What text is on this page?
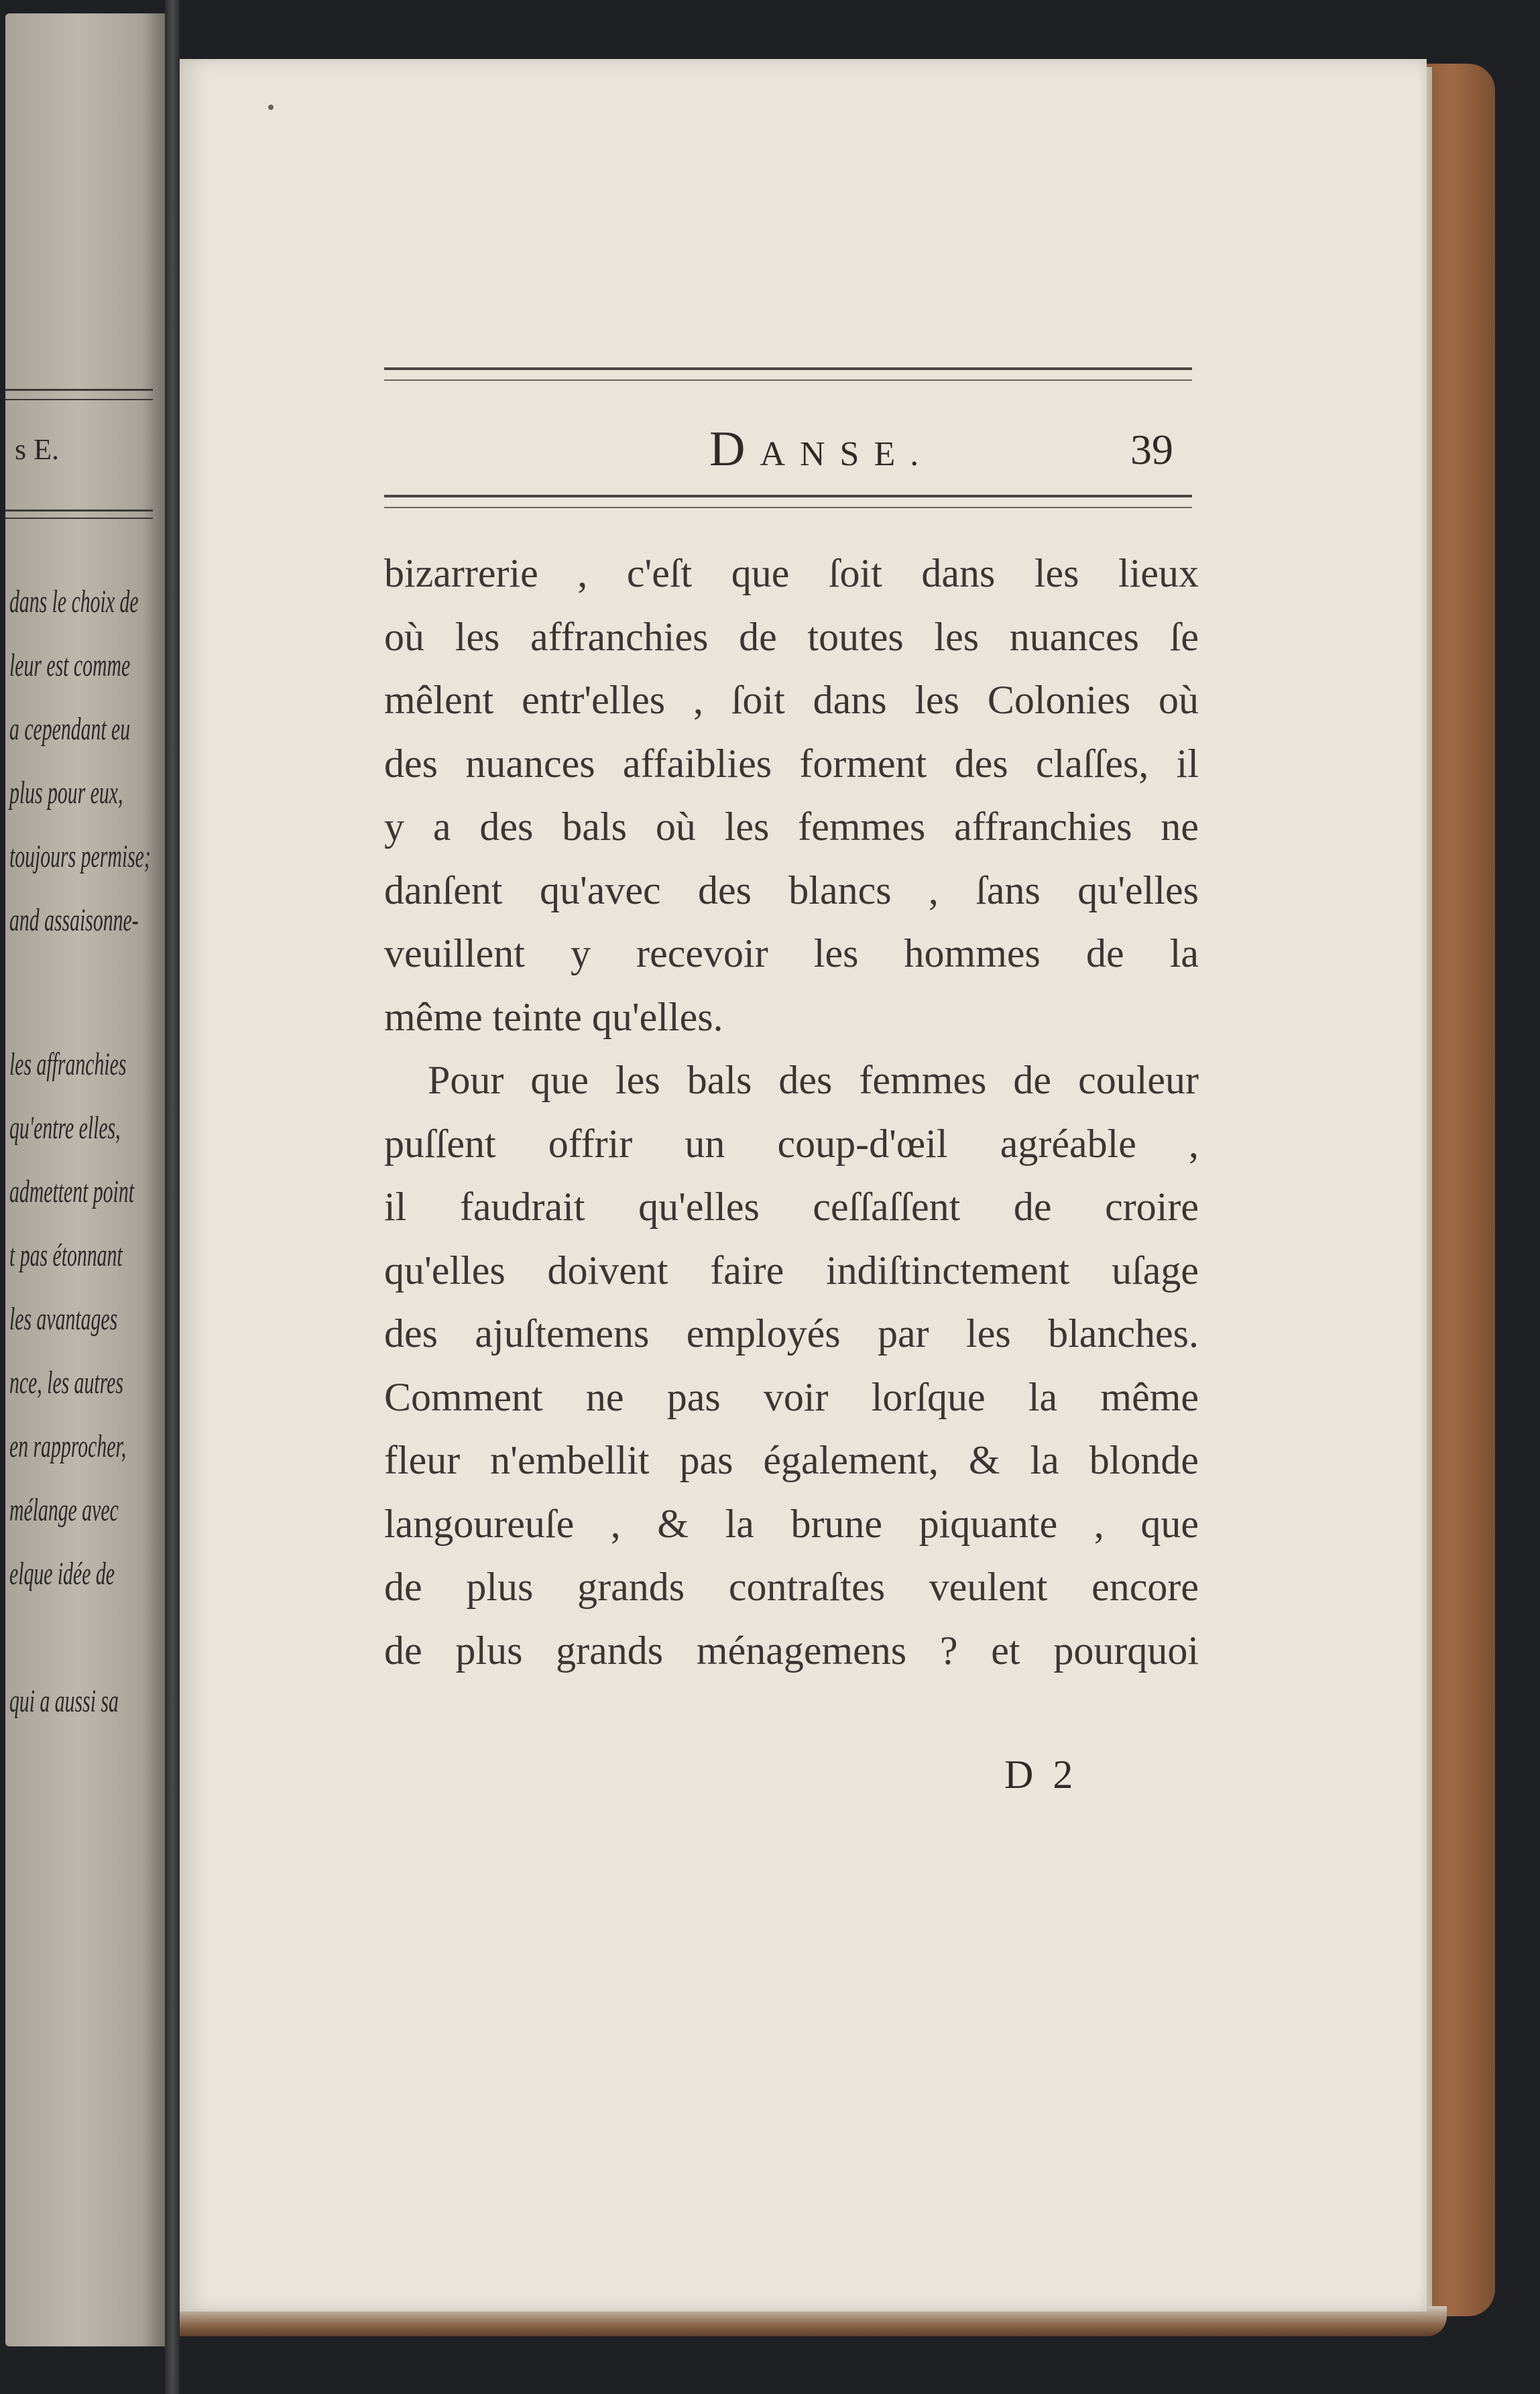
s E.
dans le choix de
leur est comme
a cependant eu
plus pour eux,
toujours permise;
and assaisonne-
les affranchies
qu'entre elles,
admettent point
t pas étonnant
les avantages
nce, les autres
en rapprocher,
mélange avec
elque idée de
qui a aussi sa
DANSE.	39
bizarrerie , c'eſt que ſoit dans les lieux
où les affranchies de toutes les nuances ſe
mêlent entr'elles , ſoit dans les Colonies où
des nuances affaiblies forment des claſſes, il
y a des bals où les femmes affranchies ne
danſent qu'avec des blancs , ſans qu'elles
veuillent y recevoir les hommes de la
même teinte qu'elles.
Pour que les bals des femmes de couleur
puſſent offrir un coup-d'œil agréable ,
il faudrait qu'elles ceſſaſſent de croire
qu'elles doivent faire indiſtinctement uſage
des ajuſtemens employés par les blanches.
Comment ne pas voir lorſque la même
fleur n'embellit pas également, & la blonde
langoureuſe , & la brune piquante , que
de plus grands contraſtes veulent encore
de plus grands ménagemens ? et pourquoi
D 2
